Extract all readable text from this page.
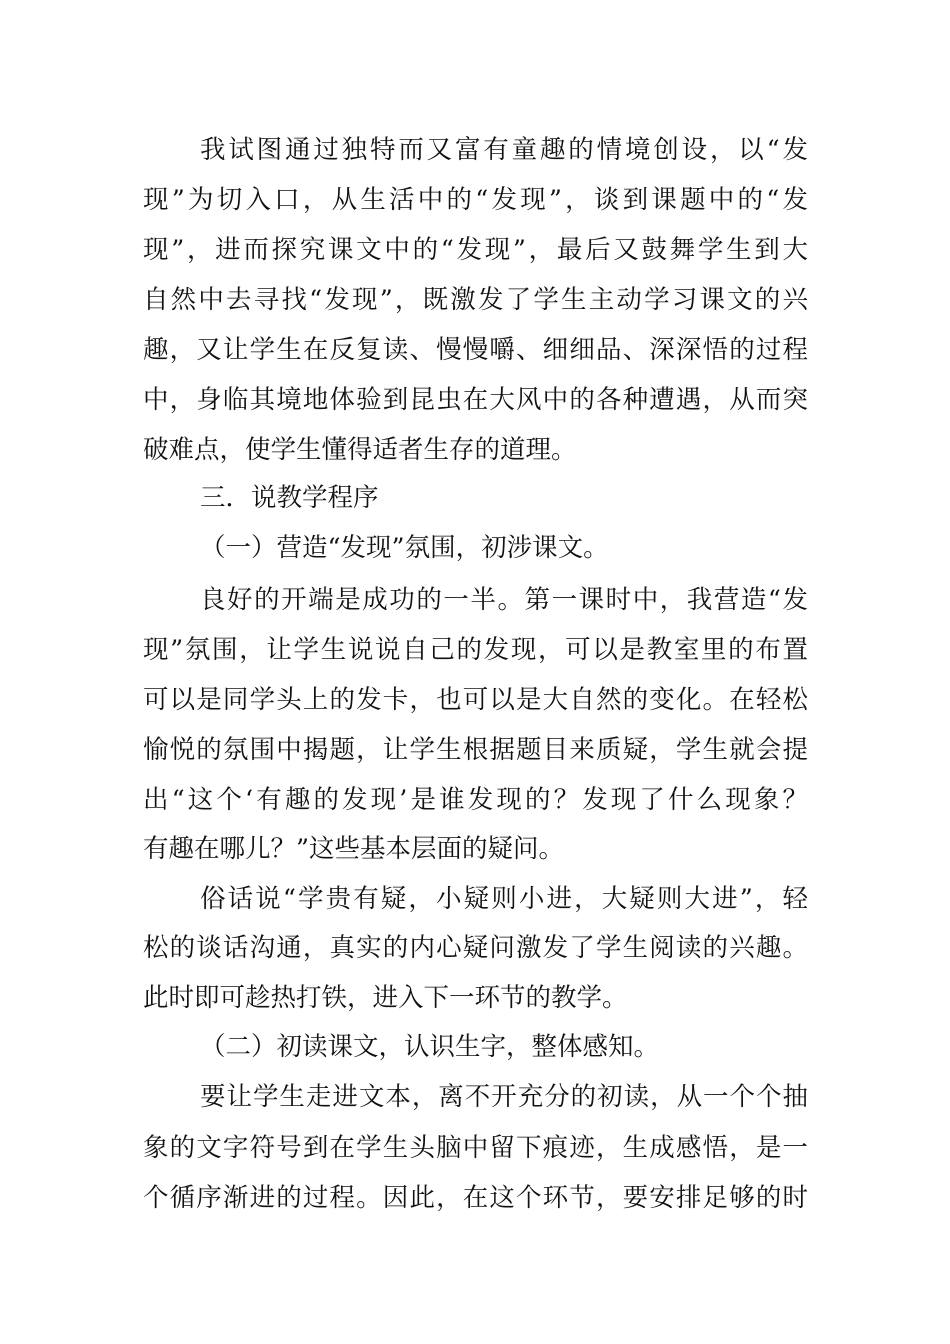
我试图通过独特而又富有童趣的情境创设，以“发
现”为切入口，从生活中的“发现”，谈到课题中的“发
现”，进而探究课文中的“发现”，最后又鼓舞学生到大
自然中去寻找“发现”，既激发了学生主动学习课文的兴
趣，又让学生在反复读、慢慢嚼、细细品、深深悟的过程
中，身临其境地体验到昆虫在大风中的各种遭遇，从而突
破难点，使学生懂得适者生存的道理。
三．说教学程序
（一）营造“发现”氛围，初涉课文。
良好的开端是成功的一半。第一课时中，我营造“发
现”氛围，让学生说说自己的发现，可以是教室里的布置
可以是同学头上的发卡，也可以是大自然的变化。在轻松
愉悦的氛围中揭题，让学生根据题目来质疑，学生就会提
出“这个‘有趣的发现’是谁发现的？发现了什么现象？
有趣在哪儿？”这些基本层面的疑问。
俗话说“学贵有疑，小疑则小进，大疑则大进”，轻
松的谈话沟通，真实的内心疑问激发了学生阅读的兴趣。
此时即可趁热打铁，进入下一环节的教学。
（二）初读课文，认识生字，整体感知。
要让学生走进文本，离不开充分的初读，从一个个抽
象的文字符号到在学生头脑中留下痕迹，生成感悟，是一
个循序渐进的过程。因此，在这个环节，要安排足够的时
